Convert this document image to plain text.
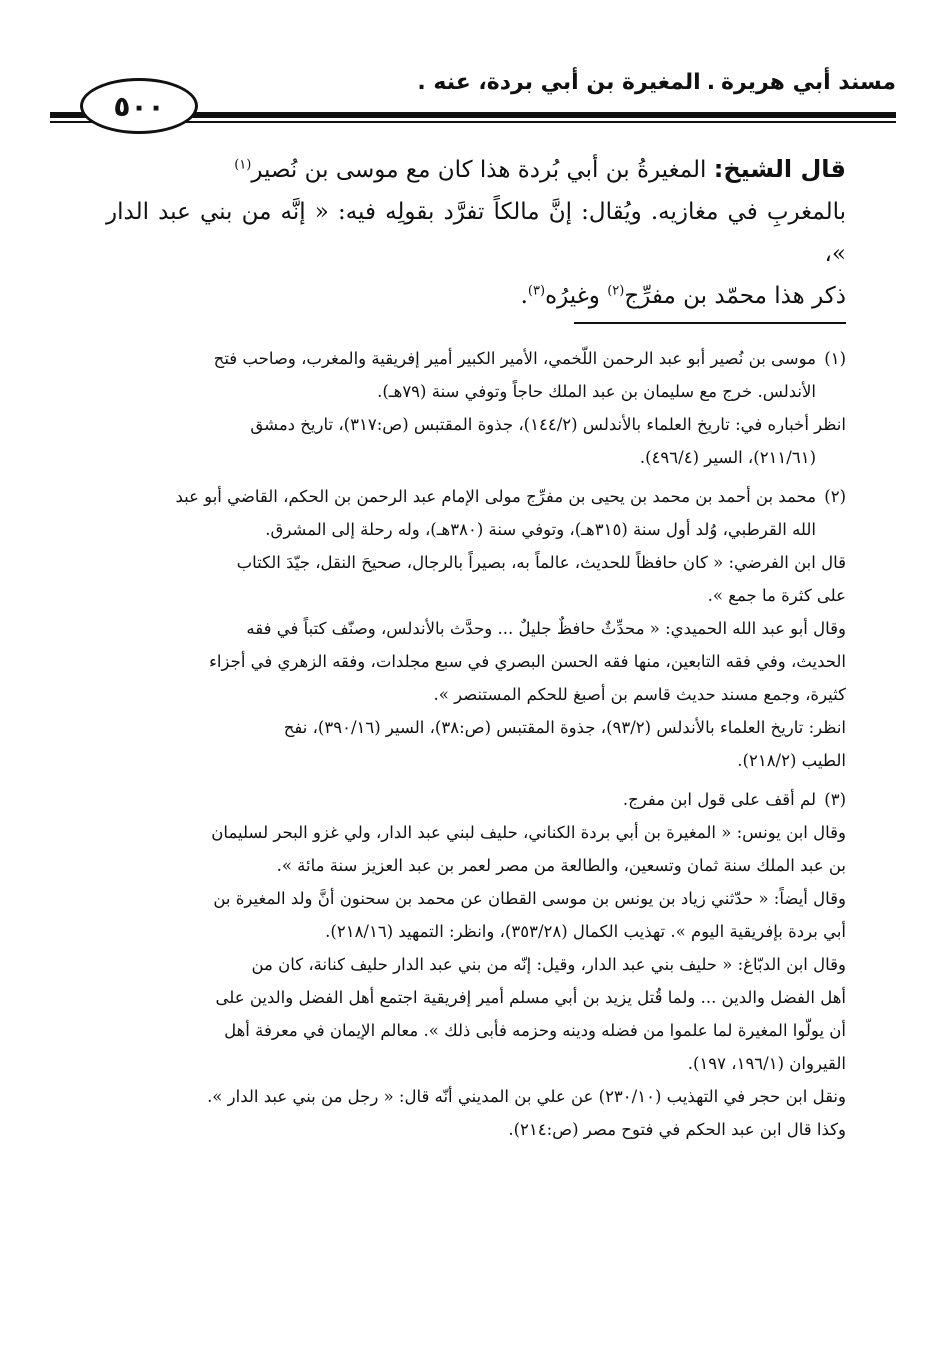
مسند أبي هريرة.المغيرة بن أبي بردة، عنه .
٥٠٠
قال الشيخ: المغيرةُ بن أبي بُردة هذا كان مع موسى بن نُصير$^{(١)}$
بالمغربِ في مغازيه. ويُقال: إنَّ مالكاً تفرَّد بقولِه فيه: « إنَّه من بني عبد الدار »،
ذكر هذا محمّد بن مفرِّج$^{(٢)}$ وغيرُه$^{(٣)}$.

(١)موسى بن نُصير أبو عبد الرحمن اللّخمي، الأمير الكبير أمير إفريقية والمغرب، وصاحب فتح

الأندلس. خرج مع سليمان بن عبد الملك حاجاً وتوفي سنة (٧٩هـ).

انظر أخباره في: تاريخ العلماء بالأندلس (١٤٤/٢)، جذوة المقتبس (ص:٣١٧)، تاريخ دمشق

(٢١١/٦١)، السير (٤٩٦/٤).

(٢)محمد بن أحمد بن محمد بن يحيى بن مفرِّج مولى الإمام عبد الرحمن بن الحكم، القاضي أبو عبد

الله القرطبي، وُلد أول سنة (٣١٥هـ)، وتوفي سنة (٣٨٠هـ)، وله رحلة إلى المشرق.

قال ابن الفرضي: « كان حافظاً للحديث، عالماً به، بصيراً بالرجال، صحيحَ النقل، جيّدَ الكتاب

على كثرة ما جمع ».

وقال أبو عبد الله الحميدي: « محدِّثٌ حافظٌ جليلٌ ... وحدَّث بالأندلس، وصنّف كتباً في فقه

الحديث، وفي فقه التابعين، منها فقه الحسن البصري في سبع مجلدات، وفقه الزهري في أجزاء

كثيرة، وجمع مسند حديث قاسم بن أصبغ للحكم المستنصر ».

انظر: تاريخ العلماء بالأندلس (٩٣/٢)، جذوة المقتبس (ص:٣٨)، السير (٣٩٠/١٦)، نفح

الطيب (٢١٨/٢).

(٣)لم أقف على قول ابن مفرج.

وقال ابن يونس: « المغيرة بن أبي بردة الكناني، حليف لبني عبد الدار، ولي غزو البحر لسليمان

بن عبد الملك سنة ثمان وتسعين، والطالعة من مصر لعمر بن عبد العزيز سنة مائة ».

وقال أيضاً: « حدّثني زياد بن يونس بن موسى القطان عن محمد بن سحنون أنَّ ولد المغيرة بن

أبي بردة بإفريقية اليوم ». تهذيب الكمال (٣٥٣/٢٨)، وانظر: التمهيد (٢١٨/١٦).

وقال ابن الدبّاغ: « حليف بني عبد الدار، وقيل: إنّه من بني عبد الدار حليف كنانة، كان من

أهل الفضل والدين ... ولما قُتل يزيد بن أبي مسلم أمير إفريقية اجتمع أهل الفضل والدين على

أن يولّوا المغيرة لما علموا من فضله ودينه وحزمه فأبى ذلك ». معالم الإيمان في معرفة أهل

القيروان (١٩٦/١، ١٩٧).

ونقل ابن حجر في التهذيب (٢٣٠/١٠) عن علي بن المديني أنّه قال: « رجل من بني عبد الدار ».

وكذا قال ابن عبد الحكم في فتوح مصر (ص:٢١٤).
